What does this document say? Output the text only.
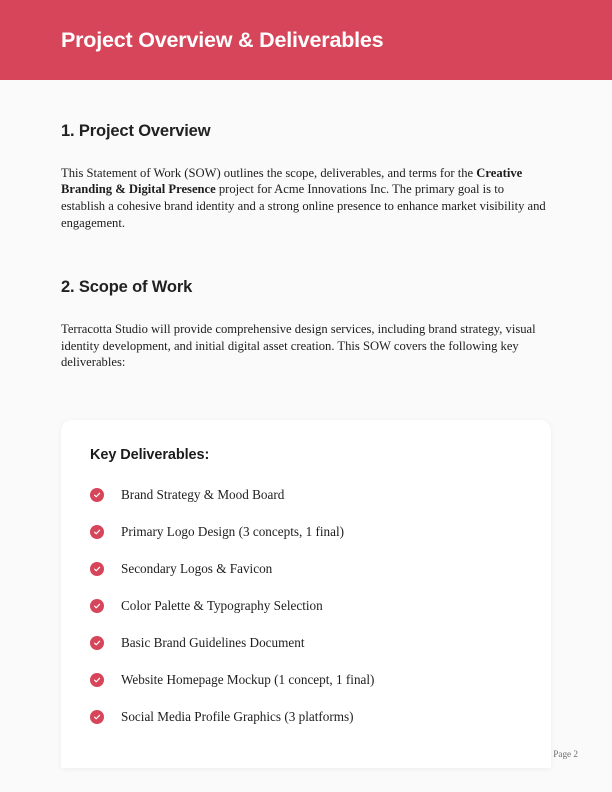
Project Overview & Deliverables
1. Project Overview

This Statement of Work (SOW) outlines the scope, deliverables, and terms for the Creative Branding & Digital Presence project for Acme Innovations Inc. The primary goal is to establish a cohesive brand identity and a strong online presence to enhance market visibility and engagement.

2. Scope of Work

Terracotta Studio will provide comprehensive design services, including brand strategy, visual identity development, and initial digital asset creation. This SOW covers the following key deliverables:

Key Deliverables:
Brand Strategy & Mood Board
Primary Logo Design (3 concepts, 1 final)
Secondary Logos & Favicon
Color Palette & Typography Selection
Basic Brand Guidelines Document
Website Homepage Mockup (1 concept, 1 final)
Social Media Profile Graphics (3 platforms)
Page 2
